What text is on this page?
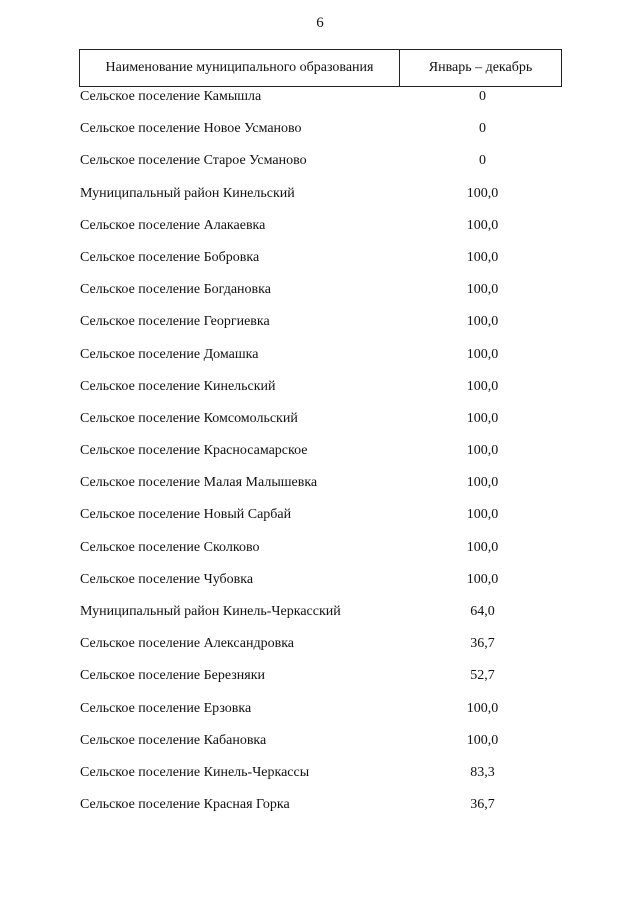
6
Наименование муниципального образования	Январь – декабрь
Сельское поселение Камышла	0
Сельское поселение Новое Усманово	0
Сельское поселение Старое Усманово	0
Муниципальный район Кинельский	100,0
Сельское поселение Алакаевка	100,0
Сельское поселение Бобровка	100,0
Сельское поселение Богдановка	100,0
Сельское поселение Георгиевка	100,0
Сельское поселение Домашка	100,0
Сельское поселение Кинельский	100,0
Сельское поселение Комсомольский	100,0
Сельское поселение Красносамарское	100,0
Сельское поселение Малая Малышевка	100,0
Сельское поселение Новый Сарбай	100,0
Сельское поселение Сколково	100,0
Сельское поселение Чубовка	100,0
Муниципальный район Кинель-Черкасский	64,0
Сельское поселение Александровка	36,7
Сельское поселение Березняки	52,7
Сельское поселение Ерзовка	100,0
Сельское поселение Кабановка	100,0
Сельское поселение Кинель-Черкассы	83,3
Сельское поселение Красная Горка	36,7
